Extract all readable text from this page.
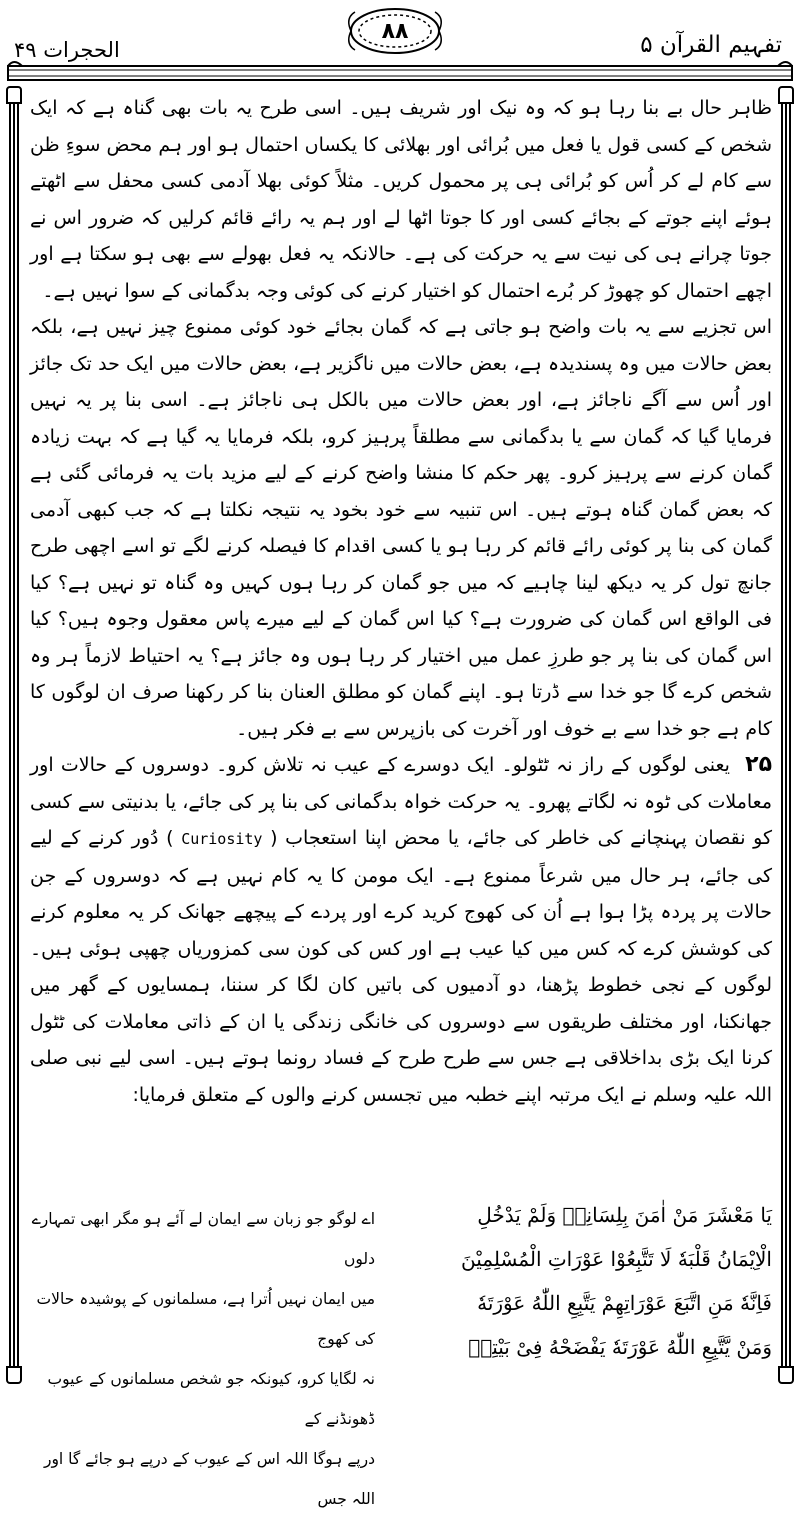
الحجرات ۴۹
۸۸
تفہیم القرآن ۵

ظاہر حال بے بنا رہا ہو کہ وہ نیک اور شریف ہیں۔ اسی طرح یہ بات بھی گناہ ہے کہ ایک شخص کے کسی قول یا فعل میں بُرائی اور بھلائی کا یکساں احتمال ہو اور ہم محض سوءِ ظن سے کام لے کر اُس کو بُرائی ہی پر محمول کریں۔ مثلاً کوئی بھلا آدمی کسی محفل سے اٹھتے ہوئے اپنے جوتے کے بجائے کسی اور کا جوتا اٹھا لے اور ہم یہ رائے قائم کرلیں کہ ضرور اس نے جوتا چرانے ہی کی نیت سے یہ حرکت کی ہے۔ حالانکہ یہ فعل بھولے سے بھی ہو سکتا ہے اور اچھے احتمال کو چھوڑ کر بُرے احتمال کو اختیار کرنے کی کوئی وجہ بدگمانی کے سوا نہیں ہے۔

اس تجزیے سے یہ بات واضح ہو جاتی ہے کہ گمان بجائے خود کوئی ممنوع چیز نہیں ہے، بلکہ بعض حالات میں وہ پسندیدہ ہے، بعض حالات میں ناگزیر ہے، بعض حالات میں ایک حد تک جائز اور اُس سے آگے ناجائز ہے، اور بعض حالات میں بالکل ہی ناجائز ہے۔ اسی بنا پر یہ نہیں فرمایا گیا کہ گمان سے یا بدگمانی سے مطلقاً پرہیز کرو، بلکہ فرمایا یہ گیا ہے کہ بہت زیادہ گمان کرنے سے پرہیز کرو۔ پھر حکم کا منشا واضح کرنے کے لیے مزید بات یہ فرمائی گئی ہے کہ بعض گمان گناہ ہوتے ہیں۔ اس تنبیہ سے خود بخود یہ نتیجہ نکلتا ہے کہ جب کبھی آدمی گمان کی بنا پر کوئی رائے قائم کر رہا ہو یا کسی اقدام کا فیصلہ کرنے لگے تو اسے اچھی طرح جانچ تول کر یہ دیکھ لینا چاہیے کہ میں جو گمان کر رہا ہوں کہیں وہ گناہ تو نہیں ہے؟ کیا فی الواقع اس گمان کی ضرورت ہے؟ کیا اس گمان کے لیے میرے پاس معقول وجوہ ہیں؟ کیا اس گمان کی بنا پر جو طرزِ عمل میں اختیار کر رہا ہوں وہ جائز ہے؟ یہ احتیاط لازماً ہر وہ شخص کرے گا جو خدا سے ڈرتا ہو۔ اپنے گمان کو مطلق العنان بنا کر رکھنا صرف ان لوگوں کا کام ہے جو خدا سے بے خوف اور آخرت کی بازپرس سے بے فکر ہیں۔

۲۵ یعنی لوگوں کے راز نہ ٹٹولو۔ ایک دوسرے کے عیب نہ تلاش کرو۔ دوسروں کے حالات اور معاملات کی ٹوہ نہ لگاتے پھرو۔ یہ حرکت خواہ بدگمانی کی بنا پر کی جائے، یا بدنیتی سے کسی کو نقصان پہنچانے کی خاطر کی جائے، یا محض اپنا استعجاب ( Curiosity ) دُور کرنے کے لیے کی جائے، ہر حال میں شرعاً ممنوع ہے۔ ایک مومن کا یہ کام نہیں ہے کہ دوسروں کے جن حالات پر پردہ پڑا ہوا ہے اُن کی کھوج کرید کرے اور پردے کے پیچھے جھانک کر یہ معلوم کرنے کی کوشش کرے کہ کس میں کیا عیب ہے اور کس کی کون سی کمزوریاں چھپی ہوئی ہیں۔ لوگوں کے نجی خطوط پڑھنا، دو آدمیوں کی باتیں کان لگا کر سننا، ہمسایوں کے گھر میں جھانکنا، اور مختلف طریقوں سے دوسروں کی خانگی زندگی یا ان کے ذاتی معاملات کی ٹٹول کرنا ایک بڑی بداخلاقی ہے جس سے طرح طرح کے فساد رونما ہوتے ہیں۔ اسی لیے نبی صلی اللہ علیہ وسلم نے ایک مرتبہ اپنے خطبہ میں تجسس کرنے والوں کے متعلق فرمایا:

یَا مَعْشَرَ مَنْ اٰمَنَ بِلِسَانِهٖ وَلَمْ یَدْخُلِ
الْاِیْمَانُ قَلْبَهٗ لَا تَتَّبِعُوْا عَوْرَاتِ الْمُسْلِمِیْنَ
فَاِنَّهٗ مَنِ اتَّبَعَ عَوْرَاتِهِمْ یَتَّبِعِ اللّٰهُ عَوْرَتَهٗ
وَمَنْ یَّتَّبِعِ اللّٰهُ عَوْرَتَهٗ یَفْضَحْهُ فِیْ بَیْتِهٖ
اے لوگو جو زبان سے ایمان لے آئے ہو مگر ابھی تمہارے دلوں
میں ایمان نہیں اُترا ہے، مسلمانوں کے پوشیدہ حالات کی کھوج
نہ لگایا کرو، کیونکہ جو شخص مسلمانوں کے عیوب ڈھونڈنے کے
درپے ہوگا اللہ اس کے عیوب کے درپے ہو جائے گا اور اللہ جس
